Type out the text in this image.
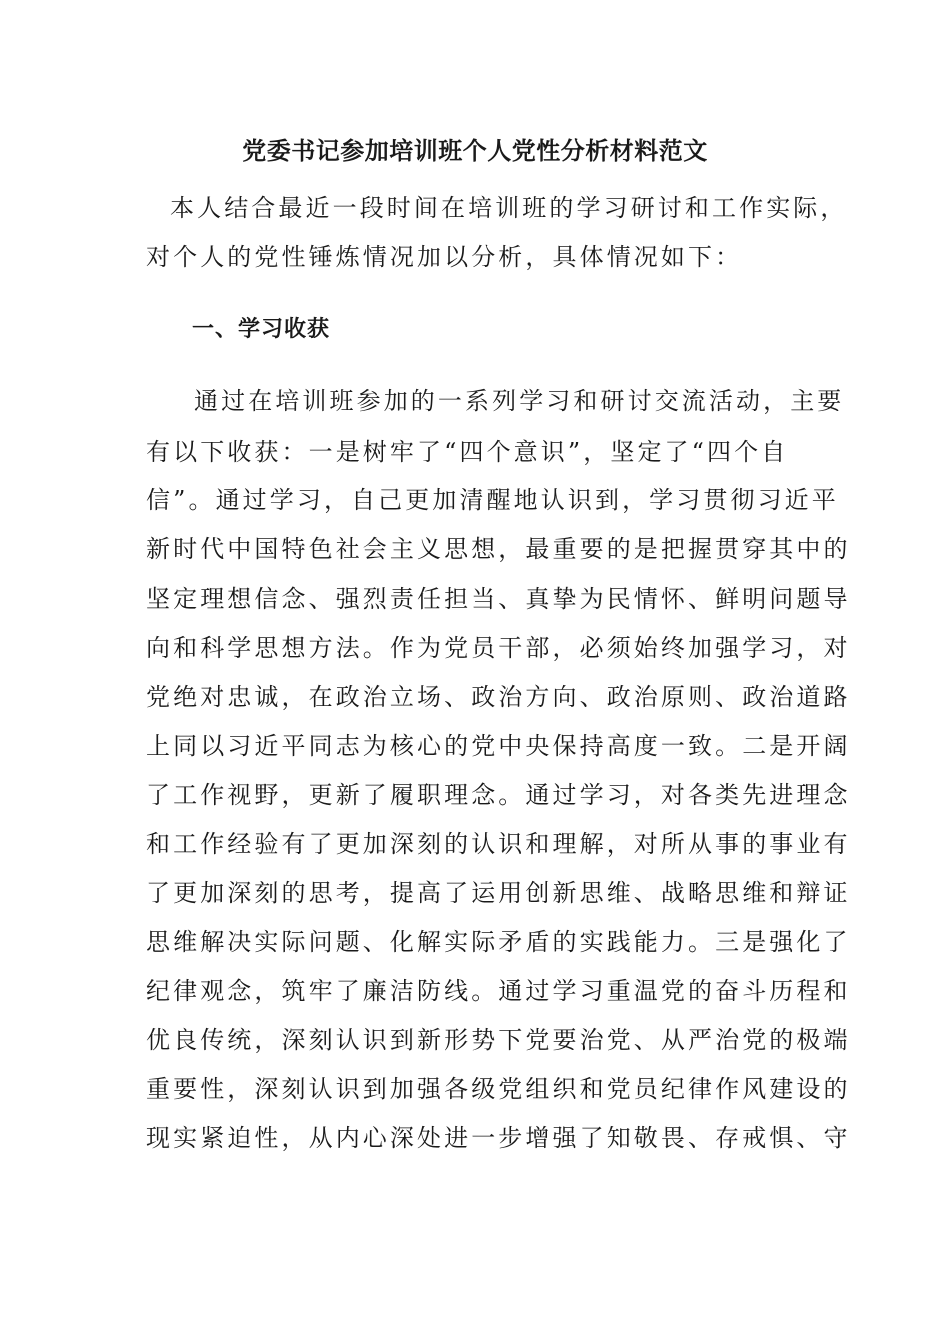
党委书记参加培训班个人党性分析材料范文

本人结合最近一段时间在培训班的学习研讨和工作实际，

对个人的党性锤炼情况加以分析，具体情况如下：

一、学习收获

通过在培训班参加的一系列学习和研讨交流活动，主要

有以下收获：一是树牢了“四个意识”，坚定了“四个自

信”。通过学习，自己更加清醒地认识到，学习贯彻习近平

新时代中国特色社会主义思想，最重要的是把握贯穿其中的

坚定理想信念、强烈责任担当、真挚为民情怀、鲜明问题导

向和科学思想方法。作为党员干部，必须始终加强学习，对

党绝对忠诚，在政治立场、政治方向、政治原则、政治道路

上同以习近平同志为核心的党中央保持高度一致。二是开阔

了工作视野，更新了履职理念。通过学习，对各类先进理念

和工作经验有了更加深刻的认识和理解，对所从事的事业有

了更加深刻的思考，提高了运用创新思维、战略思维和辩证

思维解决实际问题、化解实际矛盾的实践能力。三是强化了

纪律观念，筑牢了廉洁防线。通过学习重温党的奋斗历程和

优良传统，深刻认识到新形势下党要治党、从严治党的极端

重要性，深刻认识到加强各级党组织和党员纪律作风建设的

现实紧迫性，从内心深处进一步增强了知敬畏、存戒惧、守
